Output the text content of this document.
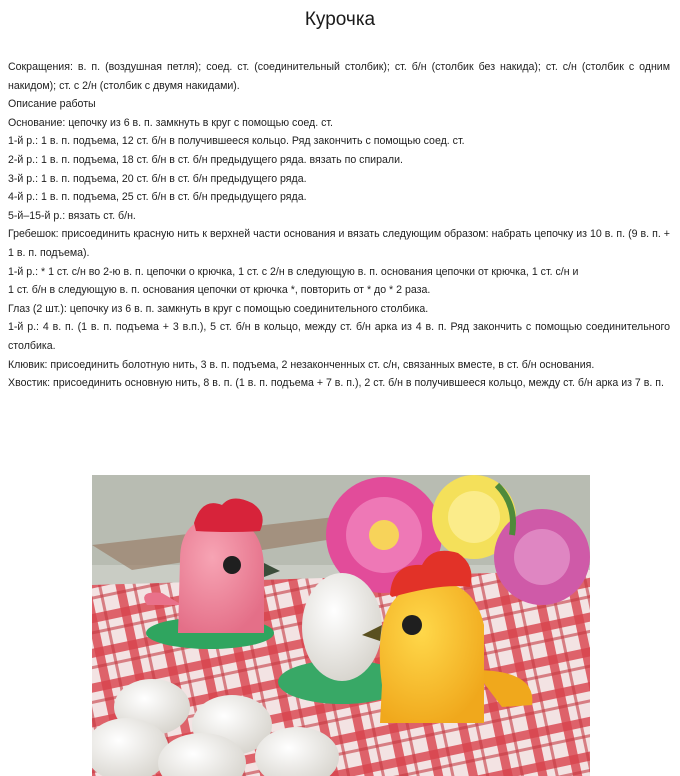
Курочка

Сокращения: в. п. (воздушная петля); соед. ст. (соединительный столбик); ст. б/н (столбик без накида); ст. с/н (столбик с одним накидом); ст. с 2/н (столбик с двумя накидами).

Описание работы

Основание: цепочку из 6 в. п. замкнуть в круг с помощью соед. ст.

1-й р.: 1 в. п. подъема, 12 ст. б/н в получившееся кольцо. Ряд закончить с помощью соед. ст.

2-й р.: 1 в. п. подъема, 18 ст. б/н в ст. б/н предыдущего ряда. вязать по спирали.

3-й р.: 1 в. п. подъема, 20 ст. б/н в ст. б/н предыдущего ряда.

4-й р.: 1 в. п. подъема, 25 ст. б/н в ст. б/н предыдущего ряда.

5-й–15-й р.: вязать ст. б/н.

Гребешок: присоединить красную нить к верхней части основания и вязать следующим образом: набрать цепочку из 10 в. п. (9 в. п. + 1 в. п. подъема).

1-й р.: * 1 ст. с/н во 2-ю в. п. цепочки о крючка, 1 ст. с 2/н в следующую в. п. основания цепочки от крючка, 1 ст. с/н и

1 ст. б/н в следующую в. п. основания цепочки от крючка *, повторить от * до * 2 раза.

Глаз (2 шт.): цепочку из 6 в. п. замкнуть в круг с помощью соединительного столбика.

1-й р.: 4 в. п. (1 в. п. подъема + 3 в.п.), 5 ст. б/н в кольцо, между ст. б/н арка из 4 в. п. Ряд закончить с помощью соединительного столбика.

Клювик: присоединить болотную нить, 3 в. п. подъема, 2 незаконченных ст. с/н, связанных вместе, в ст. б/н основания.

Хвостик: присоединить основную нить, 8 в. п. (1 в. п. подъема + 7 в. п.), 2 ст. б/н в получившееся кольцо, между ст. б/н арка из 7 в. п.
